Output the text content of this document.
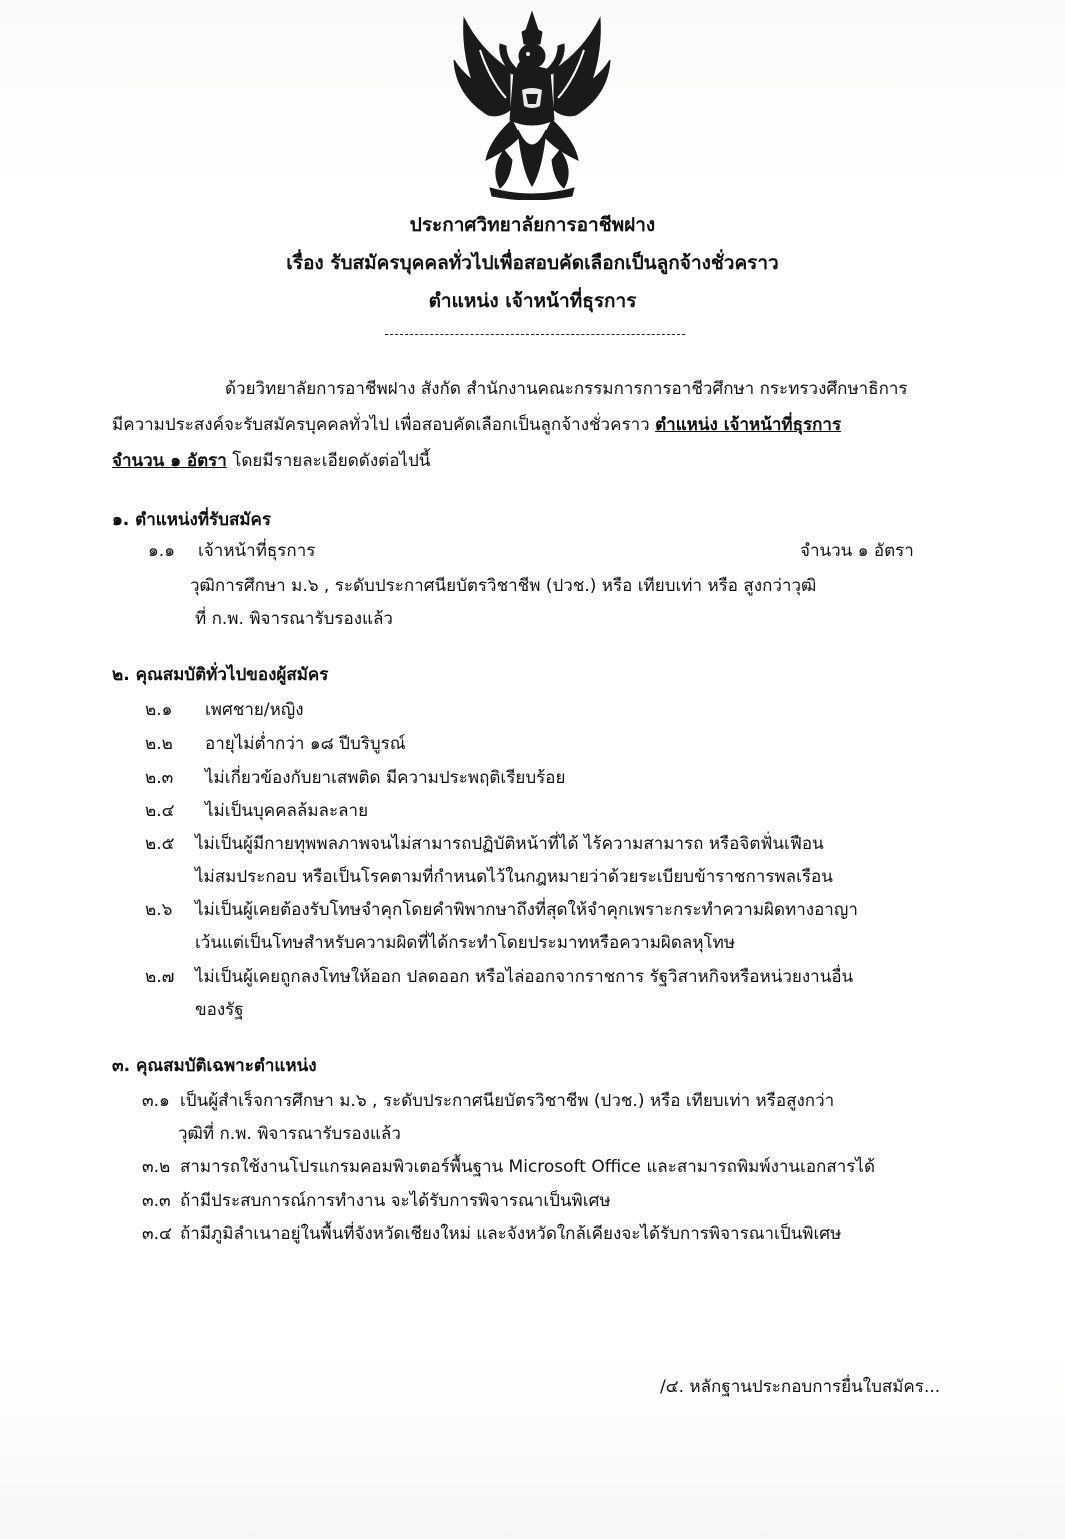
ประกาศวิทยาลัยการอาชีพฝาง
เรื่อง รับสมัครบุคคลทั่วไปเพื่อสอบคัดเลือกเป็นลูกจ้างชั่วคราว
ตำแหน่ง เจ้าหน้าที่ธุรการ
ด้วยวิทยาลัยการอาชีพฝาง สังกัด สำนักงานคณะกรรมการการอาชีวศึกษา กระทรวงศึกษาธิการ
มีความประสงค์จะรับสมัครบุคคลทั่วไป เพื่อสอบคัดเลือกเป็นลูกจ้างชั่วคราว ตำแหน่ง เจ้าหน้าที่ธุรการ
จำนวน ๑ อัตรา โดยมีรายละเอียดดังต่อไปนี้
๑. ตำแหน่งที่รับสมัคร
๑.๑ เจ้าหน้าที่ธุรการ	จำนวน ๑ อัตรา
วุฒิการศึกษา ม.๖ , ระดับประกาศนียบัตรวิชาชีพ (ปวช.) หรือ เทียบเท่า หรือ สูงกว่าวุฒิ
ที่ ก.พ. พิจารณารับรองแล้ว
๒. คุณสมบัติทั่วไปของผู้สมัคร
๒.๑ เพศชาย/หญิง
๒.๒ อายุไม่ต่ำกว่า ๑๘ ปีบริบูรณ์
๒.๓ ไม่เกี่ยวข้องกับยาเสพติด มีความประพฤติเรียบร้อย
๒.๔ ไม่เป็นบุคคลล้มละลาย
๒.๕ ไม่เป็นผู้มีกายทุพพลภาพจนไม่สามารถปฏิบัติหน้าที่ได้ ไร้ความสามารถ หรือจิตฟั่นเฟือน
ไม่สมประกอบ หรือเป็นโรคตามที่กำหนดไว้ในกฎหมายว่าด้วยระเบียบข้าราชการพลเรือน
๒.๖ ไม่เป็นผู้เคยต้องรับโทษจำคุกโดยคำพิพากษาถึงที่สุดให้จำคุกเพราะกระทำความผิดทางอาญา
เว้นแต่เป็นโทษสำหรับความผิดที่ได้กระทำโดยประมาทหรือความผิดลหุโทษ
๒.๗ ไม่เป็นผู้เคยถูกลงโทษให้ออก ปลดออก หรือไล่ออกจากราชการ รัฐวิสาหกิจหรือหน่วยงานอื่น
ของรัฐ
๓. คุณสมบัติเฉพาะตำแหน่ง
๓.๑ เป็นผู้สำเร็จการศึกษา ม.๖ , ระดับประกาศนียบัตรวิชาชีพ (ปวช.) หรือ เทียบเท่า หรือสูงกว่า
วุฒิที่ ก.พ. พิจารณารับรองแล้ว
๓.๒ สามารถใช้งานโปรแกรมคอมพิวเตอร์พื้นฐาน Microsoft Office และสามารถพิมพ์งานเอกสารได้
๓.๓ ถ้ามีประสบการณ์การทำงาน จะได้รับการพิจารณาเป็นพิเศษ
๓.๔ ถ้ามีภูมิลำเนาอยู่ในพื้นที่จังหวัดเชียงใหม่ และจังหวัดใกล้เคียงจะได้รับการพิจารณาเป็นพิเศษ
/๔. หลักฐานประกอบการยื่นใบสมัคร...
